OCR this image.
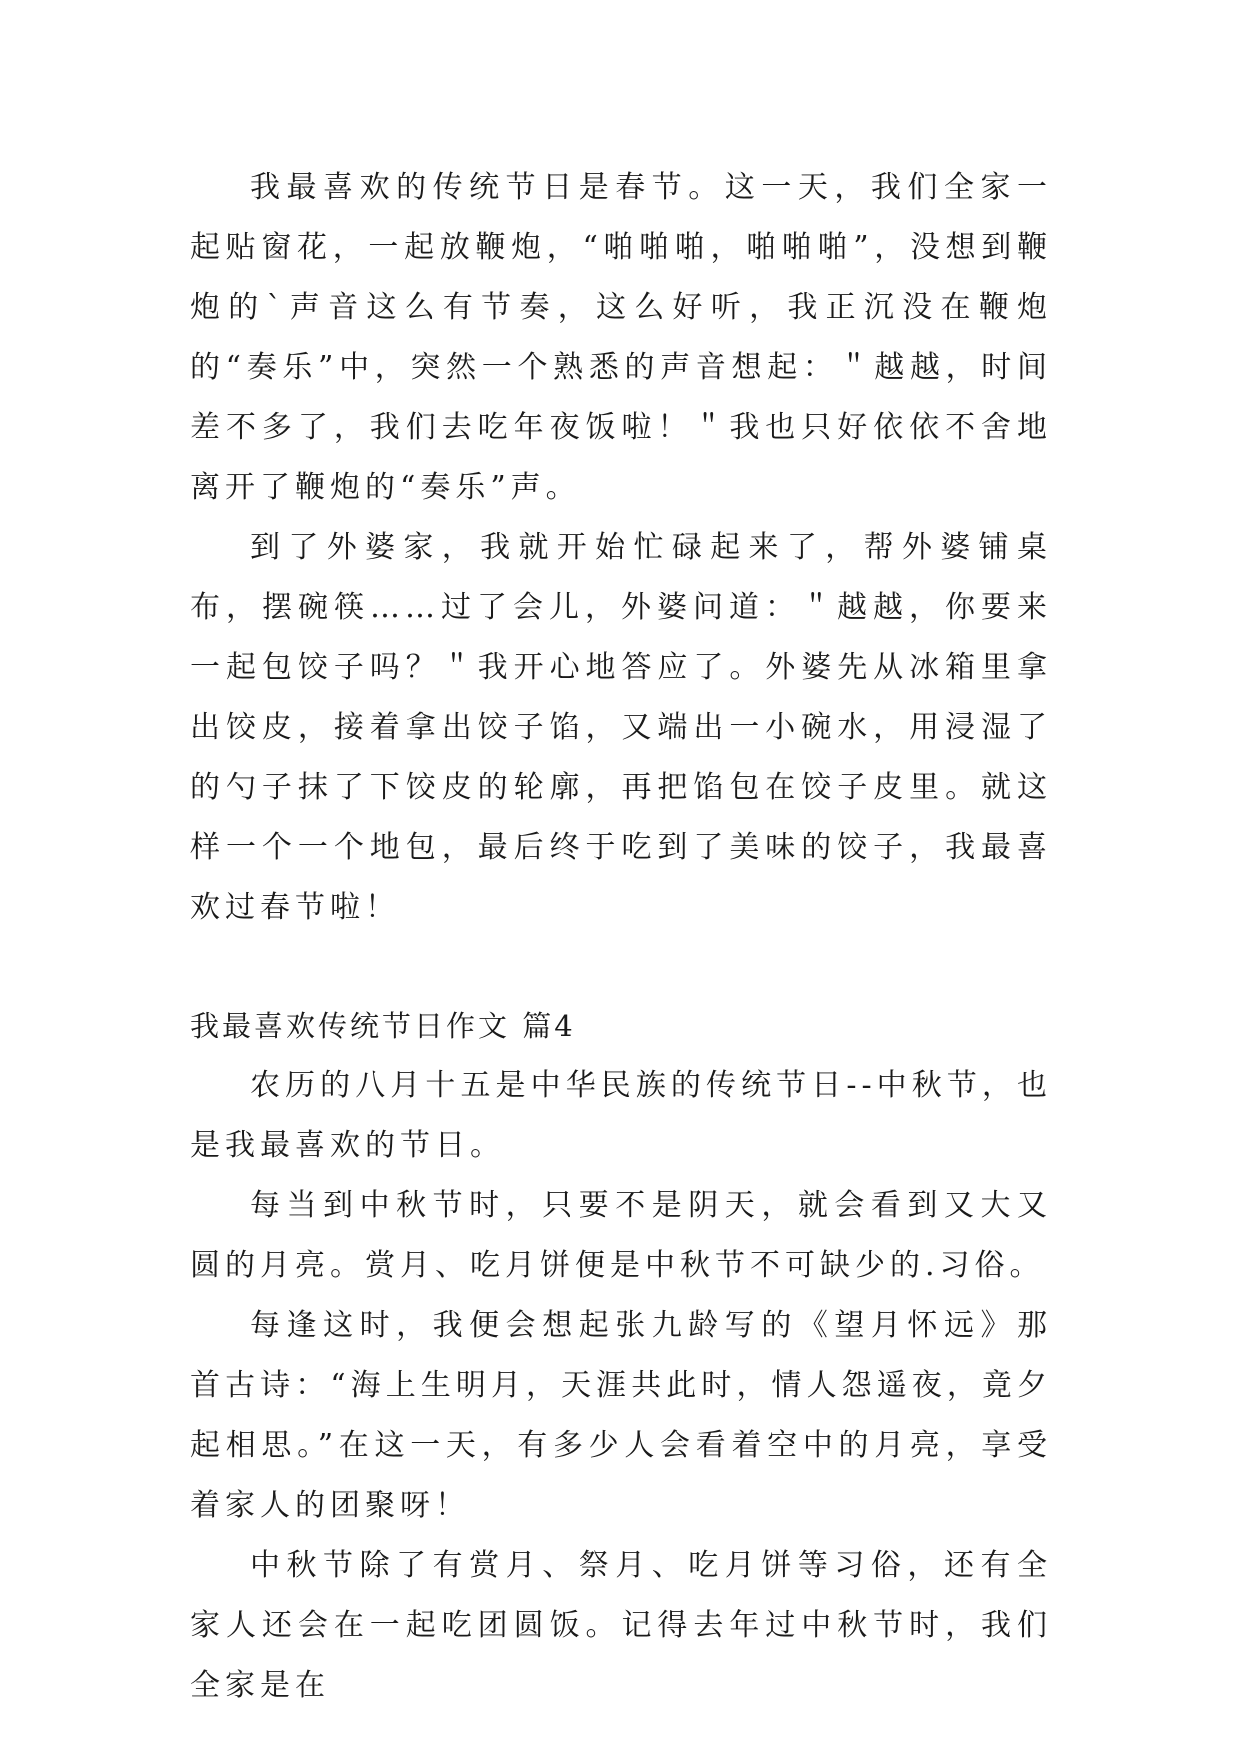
我最喜欢的传统节日是春节。这一天，我们全家一起贴窗花，一起放鞭炮，“啪啪啪，啪啪啪”，没想到鞭炮的`声音这么有节奏，这么好听，我正沉没在鞭炮的“奏乐”中，突然一个熟悉的声音想起：＂越越，时间差不多了，我们去吃年夜饭啦！＂我也只好依依不舍地离开了鞭炮的“奏乐”声。

到了外婆家，我就开始忙碌起来了，帮外婆铺桌布，摆碗筷……过了会儿，外婆问道：＂越越，你要来一起包饺子吗？＂我开心地答应了。外婆先从冰箱里拿出饺皮，接着拿出饺子馅，又端出一小碗水，用浸湿了的勺子抹了下饺皮的轮廓，再把馅包在饺子皮里。就这样一个一个地包，最后终于吃到了美味的饺子，我最喜欢过春节啦！

我最喜欢传统节日作文 篇4

农历的八月十五是中华民族的传统节日--中秋节，也是我最喜欢的节日。

每当到中秋节时，只要不是阴天，就会看到又大又圆的月亮。赏月、吃月饼便是中秋节不可缺少的.习俗。

每逢这时，我便会想起张九龄写的《望月怀远》那首古诗：“海上生明月，天涯共此时，情人怨遥夜，竟夕起相思。”在这一天，有多少人会看着空中的月亮，享受着家人的团聚呀！

中秋节除了有赏月、祭月、吃月饼等习俗，还有全家人还会在一起吃团圆饭。记得去年过中秋节时，我们全家是在
